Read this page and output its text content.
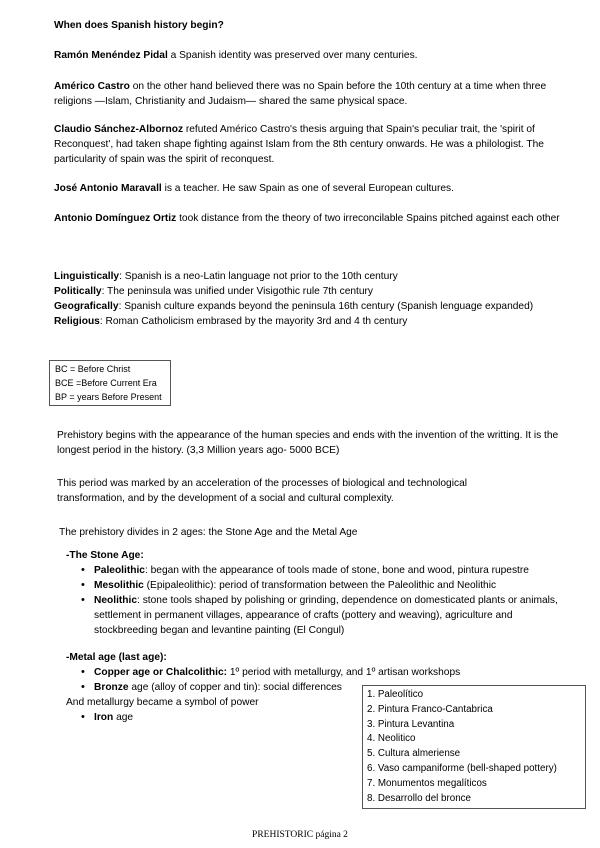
When does Spanish history begin?

Ramón Menéndez Pidal a Spanish identity was preserved over many centuries.

Américo Castro on the other hand believed there was no Spain before the 10th century at a time when three religions —Islam, Christianity and Judaism— shared the same physical space.

Claudio Sánchez-Albornoz refuted Américo Castro's thesis arguing that Spain's peculiar trait, the 'spirit of Reconquest', had taken shape fighting against Islam from the 8th century onwards. He was a philologist. The particularity of spain was the spirit of reconquest.

José Antonio Maravall is a teacher. He saw Spain as one of several European cultures.

Antonio Domínguez Ortiz took distance from the theory of two irreconcilable Spains pitched against each other

Linguistically: Spanish is a neo-Latin language not prior to the 10th century
Politically: The peninsula was unified under Visigothic rule 7th century
Geografically: Spanish culture expands beyond the peninsula 16th century (Spanish lenguage expanded)
Religious: Roman Catholicism embrased by the mayority 3rd and 4 th century
BC = Before Christ
BCE =Before Current Era
BP = years Before Present

Prehistory begins with the appearance of the human species and ends with the invention of the writting. It is the longest period in the history. (3,3 Million years ago- 5000 BCE)

This period was marked by an acceleration of the processes of biological and technological transformation, and by the development of a social and cultural complexity.

The prehistory divides in 2 ages: the Stone Age and the Metal Age

-The Stone Age:

• Paleolithic: began with the appearance of tools made of stone, bone and wood, pintura rupestre
• Mesolithic (Epipaleolithic): period of transformation between the Paleolithic and Neolithic
• Neolithic: stone tools shaped by polishing or grinding, dependence on domesticated plants or animals, settlement in permanent villages, appearance of crafts (pottery and weaving), agriculture and stockbreeding began and levantine painting (El Congul)

-Metal age (last age):

• Copper age or Chalcolithic: 1º period with metallurgy, and 1º artisan workshops
• Bronze age (alloy of copper and tin): social differences

And metallurgy became a symbol of power

• Iron age
1. Paleolítico
2. Pintura Franco-Cantabrica
3. Pintura Levantina
4. Neolitico
5. Cultura almeriense
6. Vaso campaniforme (bell-shaped pottery)
7. Monumentos megalíticos
8. Desarrollo del bronce
PREHISTORIC página 2
